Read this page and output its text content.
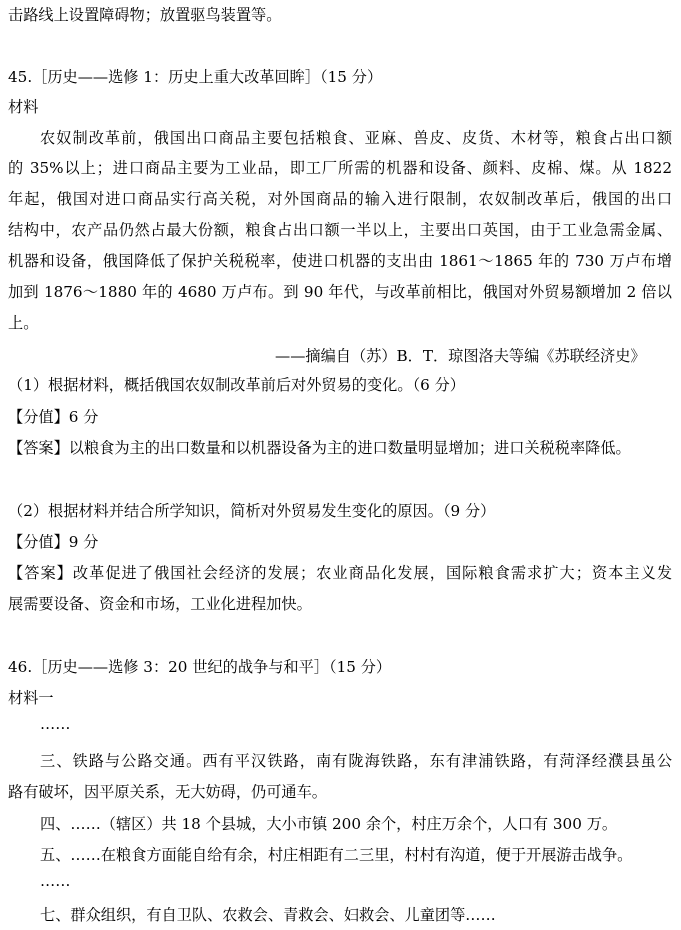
击路线上设置障碍物；放置驱鸟装置等。
45.［历史——选修 1：历史上重大改革回眸］（15 分）
材料
农奴制改革前，俄国出口商品主要包括粮食、亚麻、兽皮、皮货、木材等，粮食占出口额
的 35%以上；进口商品主要为工业品，即工厂所需的机器和设备、颜料、皮棉、煤。从 1822
年起，俄国对进口商品实行高关税，对外国商品的输入进行限制，农奴制改革后，俄国的出口
结构中，农产品仍然占最大份额，粮食占出口额一半以上，主要出口英国，由于工业急需金属、
机器和设备，俄国降低了保护关税税率，使进口机器的支出由 1861～1865 年的 730 万卢布增
加到 1876～1880 年的 4680 万卢布。到 90 年代，与改革前相比，俄国对外贸易额增加 2 倍以
上。
——摘编自（苏）B．T．琼图洛夫等编《苏联经济史》
（1）根据材料，概括俄国农奴制改革前后对外贸易的变化。（6 分）
【分值】6 分
【答案】以粮食为主的出口数量和以机器设备为主的进口数量明显增加；进口关税税率降低。
（2）根据材料并结合所学知识，简析对外贸易发生变化的原因。（9 分）
【分值】9 分
【答案】改革促进了俄国社会经济的发展；农业商品化发展，国际粮食需求扩大；资本主义发
展需要设备、资金和市场，工业化进程加快。
46.［历史——选修 3：20 世纪的战争与和平］（15 分）
材料一
……
三、铁路与公路交通。西有平汉铁路，南有陇海铁路，东有津浦铁路，有菏泽经濮县虽公
路有破坏，因平原关系，无大妨碍，仍可通车。
四、……（辖区）共 18 个县城，大小市镇 200 余个，村庄万余个，人口有 300 万。
五、……在粮食方面能自给有余，村庄相距有二三里，村村有沟道，便于开展游击战争。
……
七、群众组织，有自卫队、农救会、青救会、妇救会、儿童团等……
